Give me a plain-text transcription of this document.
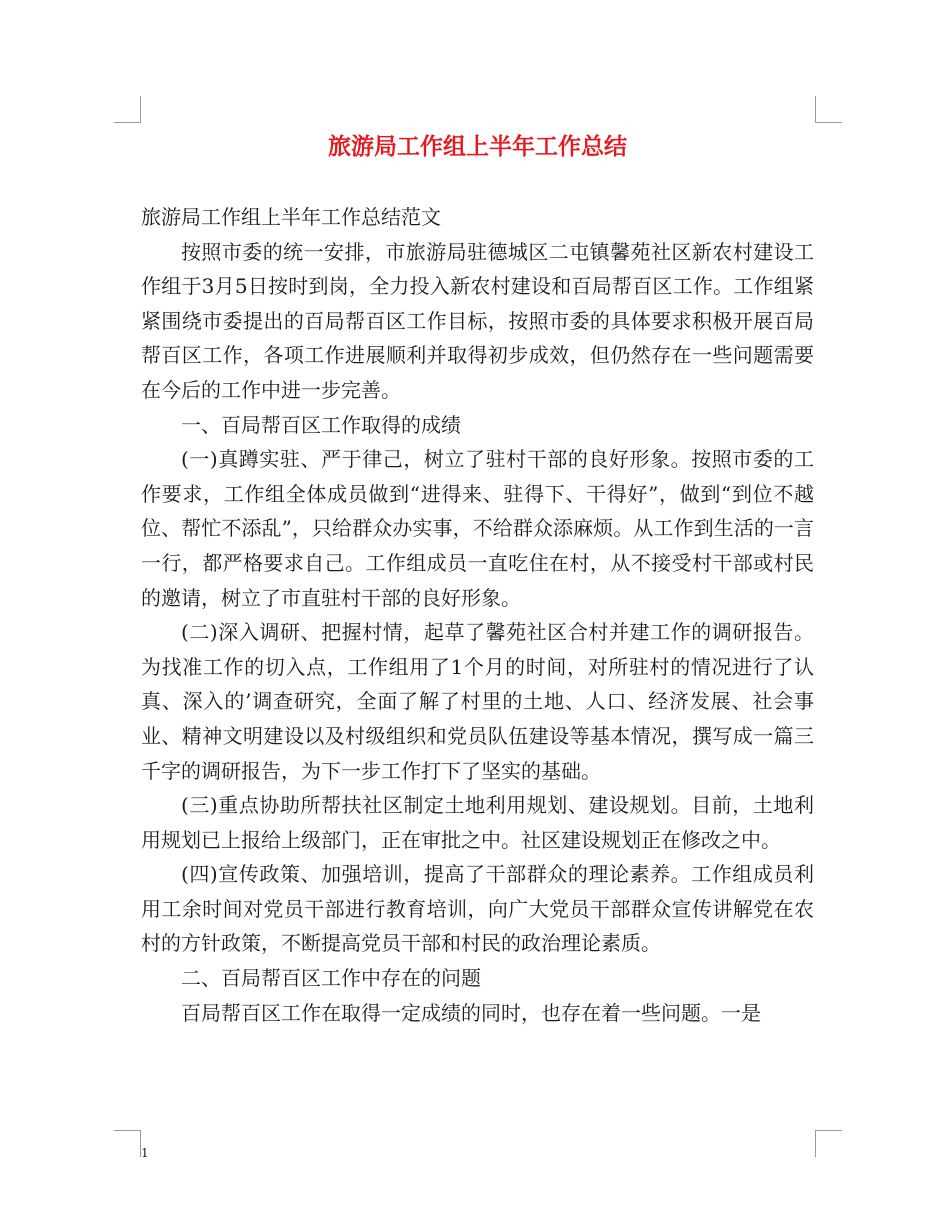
旅游局工作组上半年工作总结

旅游局工作组上半年工作总结范文

按照市委的统一安排，市旅游局驻德城区二屯镇馨苑社区新农村建设工作组于3月5日按时到岗，全力投入新农村建设和百局帮百区工作。工作组紧紧围绕市委提出的百局帮百区工作目标，按照市委的具体要求积极开展百局帮百区工作，各项工作进展顺利并取得初步成效，但仍然存在一些问题需要在今后的工作中进一步完善。

一、百局帮百区工作取得的成绩

(一)真蹲实驻、严于律己，树立了驻村干部的良好形象。按照市委的工作要求，工作组全体成员做到“进得来、驻得下、干得好”，做到“到位不越位、帮忙不添乱”，只给群众办实事，不给群众添麻烦。从工作到生活的一言一行，都严格要求自己。工作组成员一直吃住在村，从不接受村干部或村民的邀请，树立了市直驻村干部的良好形象。

(二)深入调研、把握村情，起草了馨苑社区合村并建工作的调研报告。为找准工作的切入点，工作组用了1个月的时间，对所驻村的情况进行了认真、深入的’调查研究，全面了解了村里的土地、人口、经济发展、社会事业、精神文明建设以及村级组织和党员队伍建设等基本情况，撰写成一篇三千字的调研报告，为下一步工作打下了坚实的基础。

(三)重点协助所帮扶社区制定土地利用规划、建设规划。目前，土地利用规划已上报给上级部门，正在审批之中。社区建设规划正在修改之中。

(四)宣传政策、加强培训，提高了干部群众的理论素养。工作组成员利用工余时间对党员干部进行教育培训，向广大党员干部群众宣传讲解党在农村的方针政策，不断提高党员干部和村民的政治理论素质。

二、百局帮百区工作中存在的问题

百局帮百区工作在取得一定成绩的同时，也存在着一些问题。一是

1
